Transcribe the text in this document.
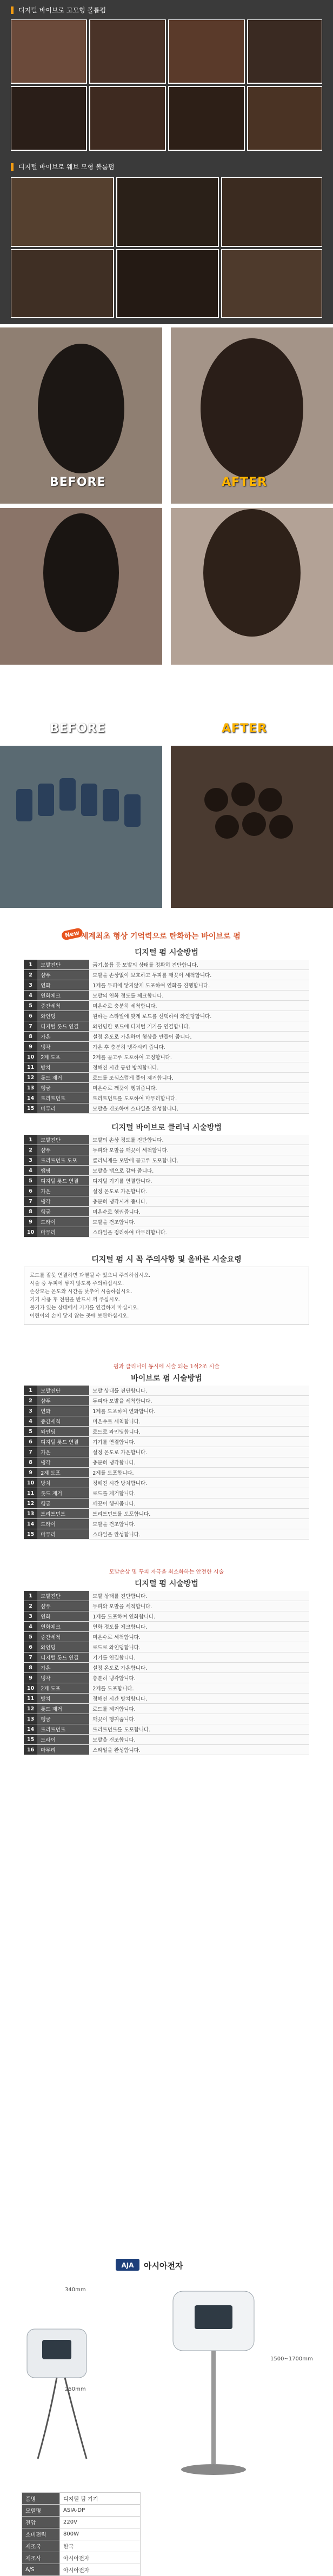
디지털 바이브로 고모형 볼륨펌
디지털 바이브로 웨브 모형 볼륨펌
BEFORE	AFTER
BEFORE	AFTER
New 세계최초 형상 기억력으로 탄화하는 바이브로 펌
디지털 펌 시술방법
1	모발진단	굵기,볼륨 등 모발의 상태를 정확히 진단합니다.
2	샴푸	모발을 손상없이 보호하고 두피를 깨끗이 세척합니다.
3	연화	1제를 두피에 닿지않게 도포하여 연화를 진행합니다.
4	연화체크	모발의 연화 정도를 체크합니다.
5	중간세척	미온수로 충분히 세척합니다.
6	와인딩	원하는 스타일에 맞게 로드를 선택하여 와인딩합니다.
7	디지털 롯드 연결	와인딩한 로드에 디지털 기기를 연결합니다.
8	가온	설정 온도로 가온하여 형상을 만들어 줍니다.
9	냉각	가온 후 충분히 냉각시켜 줍니다.
10	2제 도포	2제를 골고루 도포하여 고정합니다.
11	방치	정해진 시간 동안 방치합니다.
12	롯드 제거	로드를 조심스럽게 풀어 제거합니다.
13	헹굼	미온수로 깨끗이 헹궈줍니다.
14	트리트먼트	트리트먼트를 도포하여 마무리합니다.
15	마무리	모발을 건조하여 스타일을 완성합니다.
디지털 바이브로 클리닉 시술방법
1	모발진단	모발의 손상 정도를 진단합니다.
2	샴푸	두피와 모발을 깨끗이 세척합니다.
3	트리트먼트 도포	클리닉제를 모발에 골고루 도포합니다.
4	랩핑	모발을 랩으로 감싸 줍니다.
5	디지털 롯드 연결	디지털 기기를 연결합니다.
6	가온	설정 온도로 가온합니다.
7	냉각	충분히 냉각시켜 줍니다.
8	헹굼	미온수로 헹궈줍니다.
9	드라이	모발을 건조합니다.
10	마무리	스타일을 정리하여 마무리합니다.
디지털 펌 시 꼭 주의사항 및 올바른 시술요령
로드를 잘못 연결하면 과열될 수 있으니 주의하십시오.
시술 중 두피에 닿지 않도록 주의하십시오.
손상모는 온도와 시간을 낮추어 시술하십시오.
기기 사용 후 전원을 반드시 꺼 주십시오.
물기가 있는 상태에서 기기를 연결하지 마십시오.
어린이의 손이 닿지 않는 곳에 보관하십시오.
펌과 클리닉이 동시에 시술 되는 1석2조 시술
바이브로 펌 시술방법
1	모발진단	모발 상태를 진단합니다.
2	샴푸	두피와 모발을 세척합니다.
3	연화	1제를 도포하여 연화합니다.
4	중간세척	미온수로 세척합니다.
5	와인딩	로드로 와인딩합니다.
6	디지털 롯드 연결	기기를 연결합니다.
7	가온	설정 온도로 가온합니다.
8	냉각	충분히 냉각합니다.
9	2제 도포	2제를 도포합니다.
10	방치	정해진 시간 방치합니다.
11	롯드 제거	로드를 제거합니다.
12	헹굼	깨끗이 헹궈줍니다.
13	트리트먼트	트리트먼트를 도포합니다.
14	드라이	모발을 건조합니다.
15	마무리	스타일을 완성합니다.
모발손상 및 두피 자극을 최소화하는 안전한 시술
디지털 펌 시술방법
1	모발진단	모발 상태를 진단합니다.
2	샴푸	두피와 모발을 세척합니다.
3	연화	1제를 도포하여 연화합니다.
4	연화체크	연화 정도를 체크합니다.
5	중간세척	미온수로 세척합니다.
6	와인딩	로드로 와인딩합니다.
7	디지털 롯드 연결	기기를 연결합니다.
8	가온	설정 온도로 가온합니다.
9	냉각	충분히 냉각합니다.
10	2제 도포	2제를 도포합니다.
11	방치	정해진 시간 방치합니다.
12	롯드 제거	로드를 제거합니다.
13	헹굼	깨끗이 헹궈줍니다.
14	트리트먼트	트리트먼트를 도포합니다.
15	드라이	모발을 건조합니다.
16	마무리	스타일을 완성합니다.
AJA 아시아전자
340mm
250mm
1500~1700mm
품명	디지털 펌 기기
모델명	ASIA-DP
전압	220V
소비전력	800W
제조국	한국
제조사	아시아전자
A/S	아시아전자
